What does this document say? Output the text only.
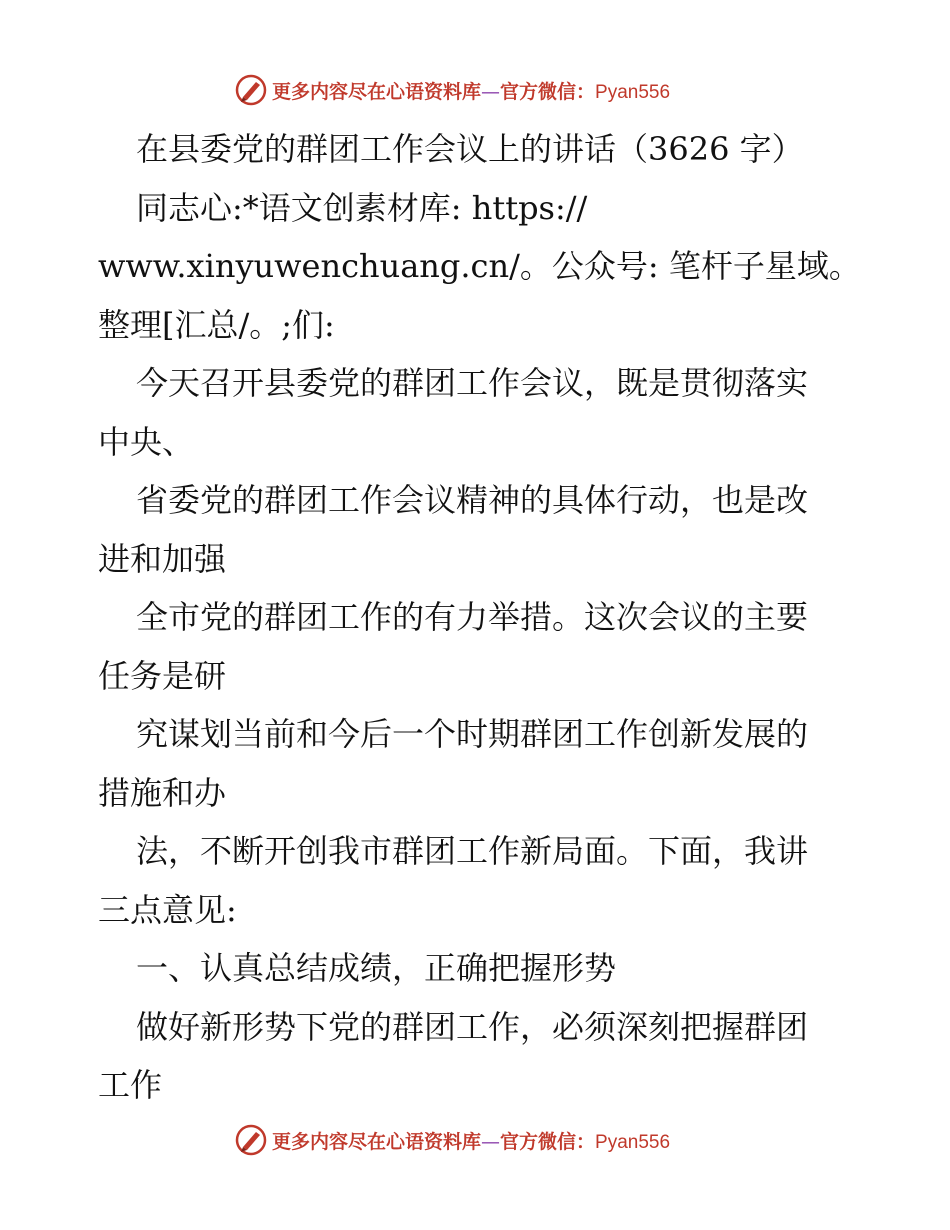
更多内容尽在心语资料库—官方微信：Pyan556
在县委党的群团工作会议上的讲话（3626 字）
同志心:*语文创素材库: https://
www.xinyuwenchuang.cn/。公众号: 笔杆子星域。
整理[汇总/。;们:
今天召开县委党的群团工作会议，既是贯彻落实
中央、
省委党的群团工作会议精神的具体行动，也是改
进和加强
全市党的群团工作的有力举措。这次会议的主要
任务是研
究谋划当前和今后一个时期群团工作创新发展的
措施和办
法，不断开创我市群团工作新局面。下面，我讲
三点意见:
一、认真总结成绩，正确把握形势
做好新形势下党的群团工作，必须深刻把握群团
工作
更多内容尽在心语资料库—官方微信：Pyan556
